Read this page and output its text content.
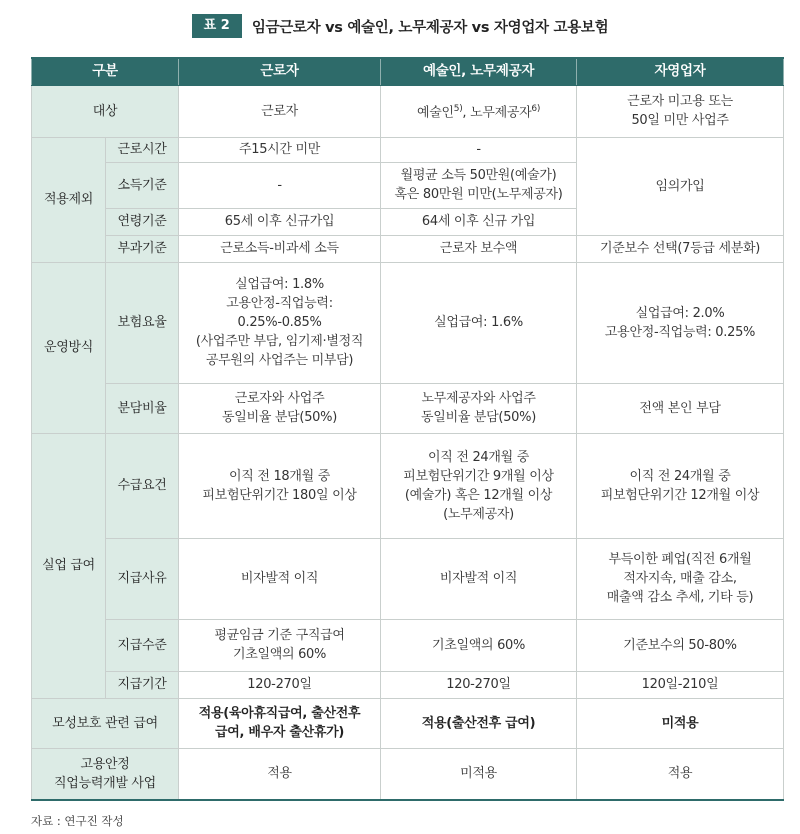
표 2	임금근로자 vs 예술인, 노무제공자 vs 자영업자 고용보험
구분		근로자	예술인, 노무제공자	자영업자
대상		근로자	예술인$^{5)}$, 노무제공자$^{6)}$	근로자 미고용 또는
50일 미만 사업주
적용제외	근로시간	주15시간 미만	-	임의가입
	소득기준	-	월평균 소득 50만원(예술가)
혹은 80만원 미만(노무제공자)	
	연령기준	65세 이후 신규가입	64세 이후 신규 가입	
	부과기준	근로소득-비과세 소득	근로자 보수액	기준보수 선택(7등급 세분화)
운영방식	보험요율	실업급여: 1.8%
고용안정-직업능력:
0.25%-0.85%
(사업주만 부담, 임기제·별정직
공무원의 사업주는 미부담)	실업급여: 1.6%	실업급여: 2.0%
고용안정-직업능력: 0.25%
	분담비율	근로자와 사업주
동일비율 분담(50%)	노무제공자와 사업주
동일비율 분담(50%)	전액 본인 부담
실업 급여	수급요건	이직 전 18개월 중
피보험단위기간 180일 이상	이직 전 24개월 중
피보험단위기간 9개월 이상
(예술가) 혹은 12개월 이상
(노무제공자)	이직 전 24개월 중
피보험단위기간 12개월 이상
	지급사유	비자발적 이직	비자발적 이직	부득이한 폐업(직전 6개월
적자지속, 매출 감소,
매출액 감소 추세, 기타 등)
	지급수준	평균임금 기준 구직급여
기초일액의 60%	기초일액의 60%	기준보수의 50-80%
	지급기간	120-270일	120-270일	120일-210일
모성보호 관련 급여		적용(육아휴직급여, 출산전후
급여, 배우자 출산휴가)	적용(출산전후 급여)	미적용
고용안정
직업능력개발 사업		적용	미적용	적용
자료 : 연구진 작성
